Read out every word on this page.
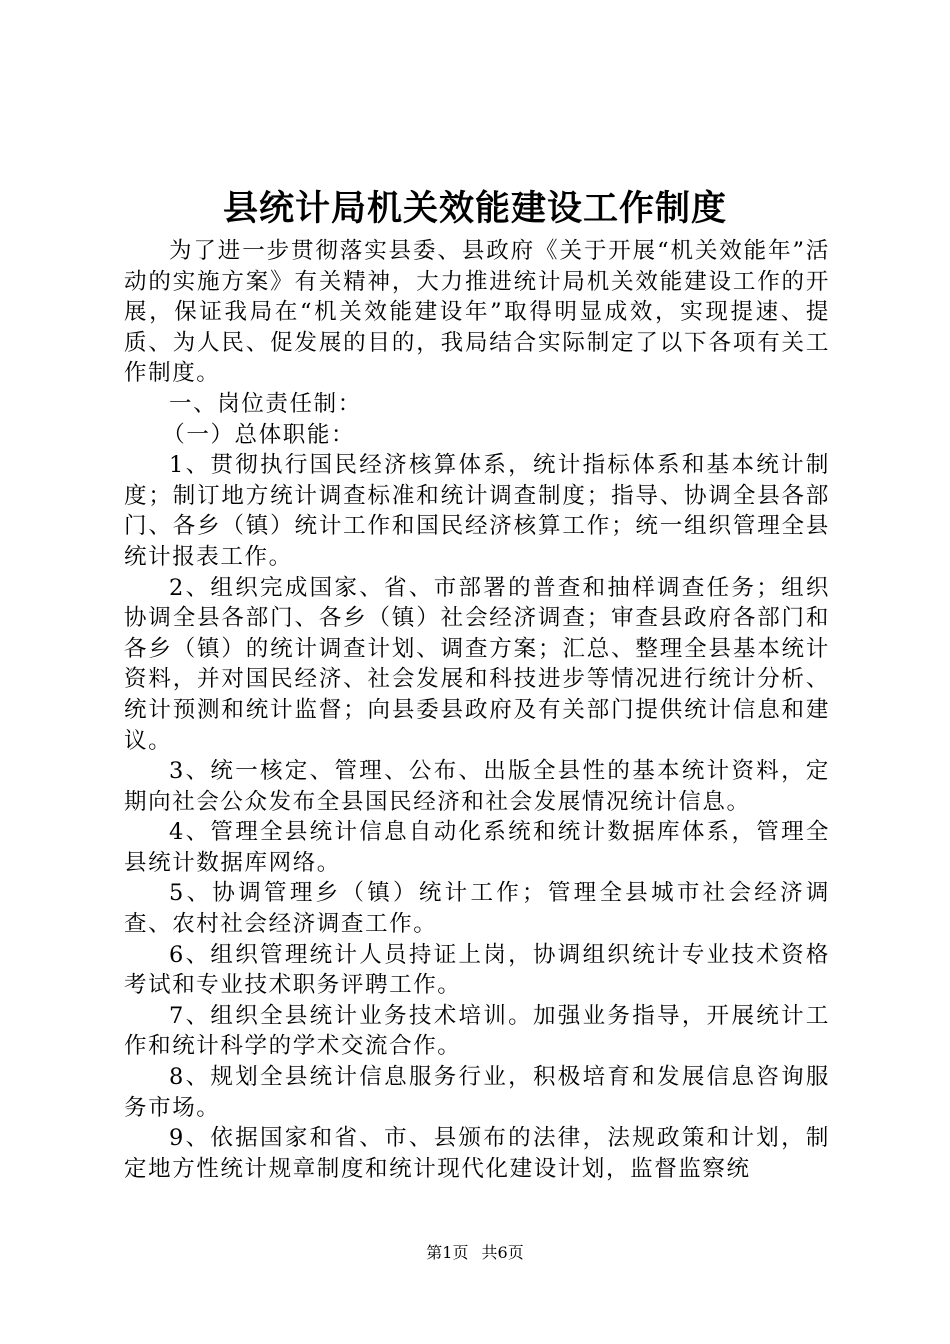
县统计局机关效能建设工作制度

为了进一步贯彻落实县委、县政府《关于开展“机关效能年”活动的实施方案》有关精神，大力推进统计局机关效能建设工作的开展，保证我局在“机关效能建设年”取得明显成效，实现提速、提质、为人民、促发展的目的，我局结合实际制定了以下各项有关工作制度。

一、岗位责任制：

（一）总体职能：

1、贯彻执行国民经济核算体系，统计指标体系和基本统计制度；制订地方统计调查标准和统计调查制度；指导、协调全县各部门、各乡（镇）统计工作和国民经济核算工作；统一组织管理全县统计报表工作。

2、组织完成国家、省、市部署的普查和抽样调查任务；组织协调全县各部门、各乡（镇）社会经济调查；审查县政府各部门和各乡（镇）的统计调查计划、调查方案；汇总、整理全县基本统计资料，并对国民经济、社会发展和科技进步等情况进行统计分析、统计预测和统计监督；向县委县政府及有关部门提供统计信息和建议。

3、统一核定、管理、公布、出版全县性的基本统计资料，定期向社会公众发布全县国民经济和社会发展情况统计信息。

4、管理全县统计信息自动化系统和统计数据库体系，管理全县统计数据库网络。

5、协调管理乡（镇）统计工作；管理全县城市社会经济调查、农村社会经济调查工作。

6、组织管理统计人员持证上岗，协调组织统计专业技术资格考试和专业技术职务评聘工作。

7、组织全县统计业务技术培训。加强业务指导，开展统计工作和统计科学的学术交流合作。

8、规划全县统计信息服务行业，积极培育和发展信息咨询服务市场。

9、依据国家和省、市、县颁布的法律，法规政策和计划，制定地方性统计规章制度和统计现代化建设计划，监督监察统

第1页 共6页
